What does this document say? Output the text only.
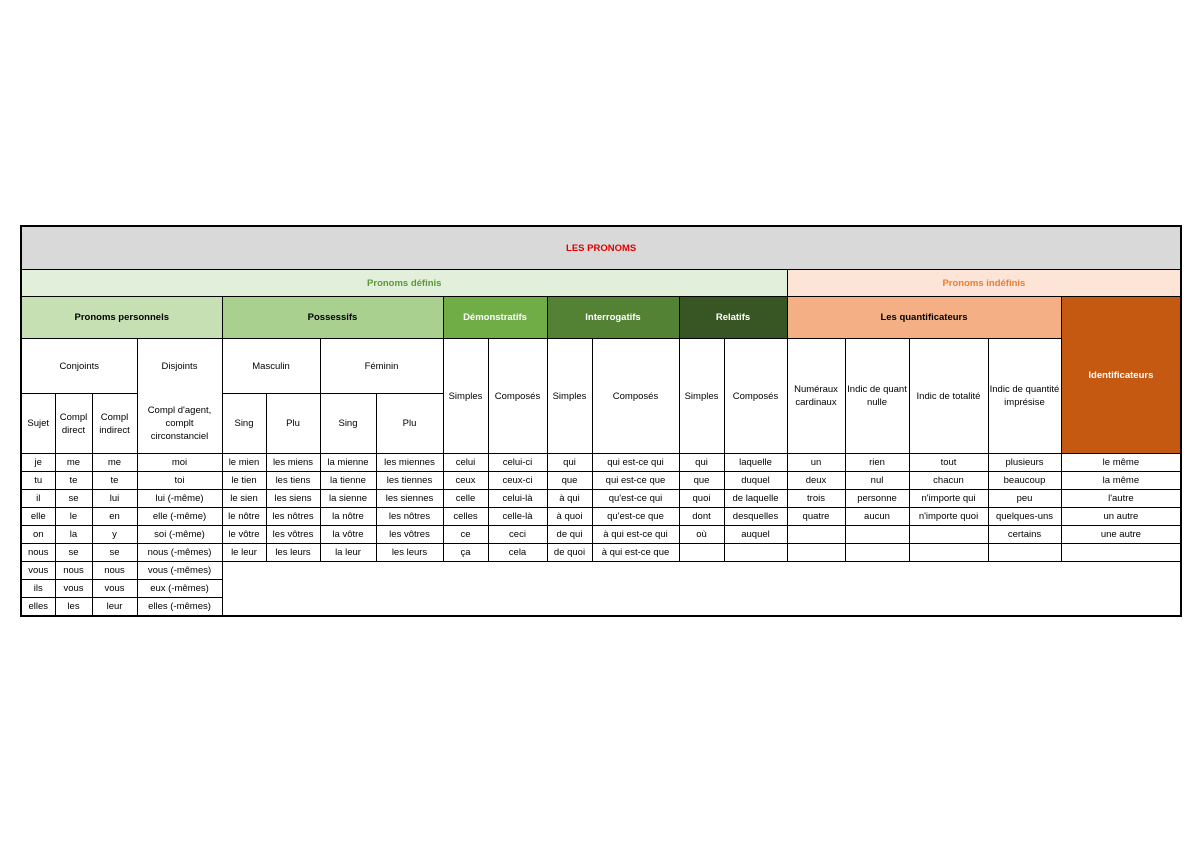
LES PRONOMS																		
Pronoms définis														Pronoms indéfinis				
Pronoms personnels				Possessifs				Démonstratifs		Interrogatifs		Relatifs		Les quantificateurs				Identificateurs
Conjoints			Disjoints	Masculin		Féminin		Simples	Composés	Simples	Composés	Simples	Composés	Numéraux cardinaux	Indic de quant nulle	Indic de totalité	Indic de quantité imprésise	
Sujet	Compl direct	Compl indirect	Compl d'agent, complt circonstanciel	Sing	Plu	Sing	Plu											
je	me	me	moi	le mien	les miens	la mienne	les miennes	celui	celui-ci	qui	qui est-ce qui	qui	laquelle	un	rien	tout	plusieurs	le même
tu	te	te	toi	le tien	les tiens	la tienne	les tiennes	ceux	ceux-ci	que	qui est-ce que	que	duquel	deux	nul	chacun	beaucoup	la même
il	se	lui	lui (-même)	le sien	les siens	la sienne	les siennes	celle	celui-là	à qui	qu'est-ce qui	quoi	de laquelle	trois	personne	n'importe qui	peu	l'autre
elle	le	en	elle (-même)	le nôtre	les nôtres	la nôtre	les nôtres	celles	celle-là	à quoi	qu'est-ce que	dont	desquelles	quatre	aucun	n'importe quoi	quelques-uns	un autre
on	la	y	soi (-même)	le vôtre	les vôtres	la vôtre	les vôtres	ce	ceci	de qui	à qui est-ce qui	où	auquel				certains	une autre
nous	se	se	nous (-mêmes)	le leur	les leurs	la leur	les leurs	ça	cela	de quoi	à qui est-ce que							
vous	nous	nous	vous (-mêmes)															
ils	vous	vous	eux (-mêmes)															
elles	les	leur	elles (-mêmes)															
